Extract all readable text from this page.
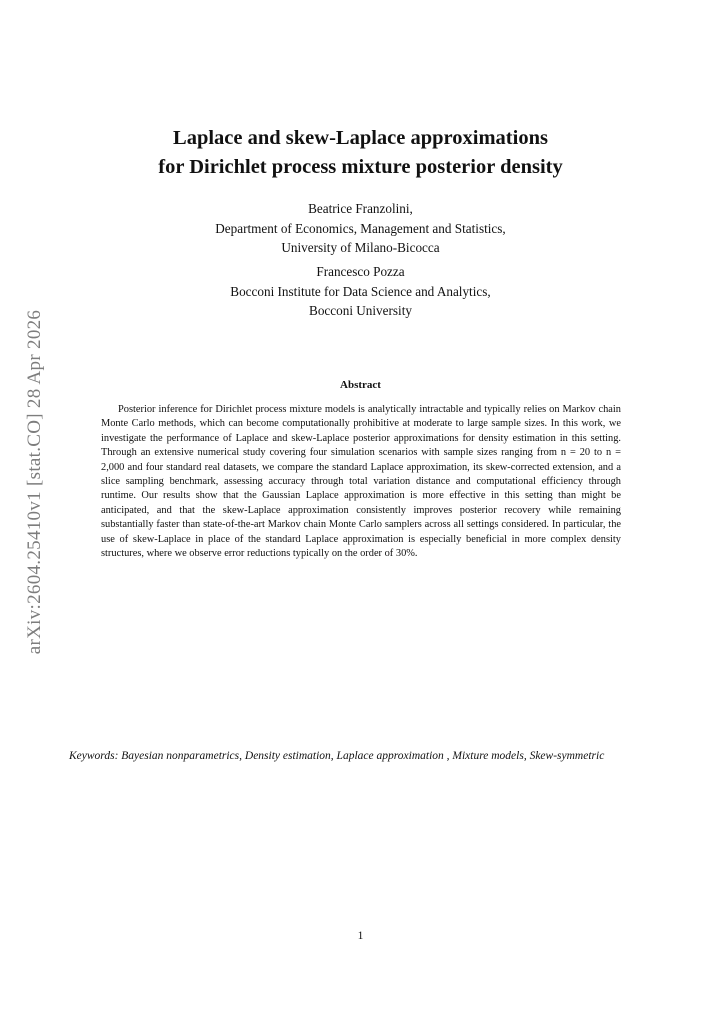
arXiv:2604.25410v1 [stat.CO] 28 Apr 2026
Laplace and skew-Laplace approximations
for Dirichlet process mixture posterior density
Beatrice Franzolini,
Department of Economics, Management and Statistics,
University of Milano-Bicocca
Francesco Pozza
Bocconi Institute for Data Science and Analytics,
Bocconi University
Abstract
Posterior inference for Dirichlet process mixture models is analytically intractable and typically relies on Markov chain Monte Carlo methods, which can become computationally prohibitive at moderate to large sample sizes. In this work, we investigate the performance of Laplace and skew-Laplace posterior approximations for density estimation in this setting. Through an extensive numerical study covering four simulation scenarios with sample sizes ranging from n = 20 to n = 2,000 and four standard real datasets, we compare the standard Laplace approximation, its skew-corrected extension, and a slice sampling benchmark, assessing accuracy through total variation distance and computational efficiency through runtime. Our results show that the Gaussian Laplace approximation is more effective in this setting than might be anticipated, and that the skew-Laplace approximation consistently improves posterior recovery while remaining substantially faster than state-of-the-art Markov chain Monte Carlo samplers across all settings considered. In particular, the use of skew-Laplace in place of the standard Laplace approximation is especially beneficial in more complex density structures, where we observe error reductions typically on the order of 30%.
Keywords: Bayesian nonparametrics, Density estimation, Laplace approximation , Mixture models, Skew-symmetric
1
